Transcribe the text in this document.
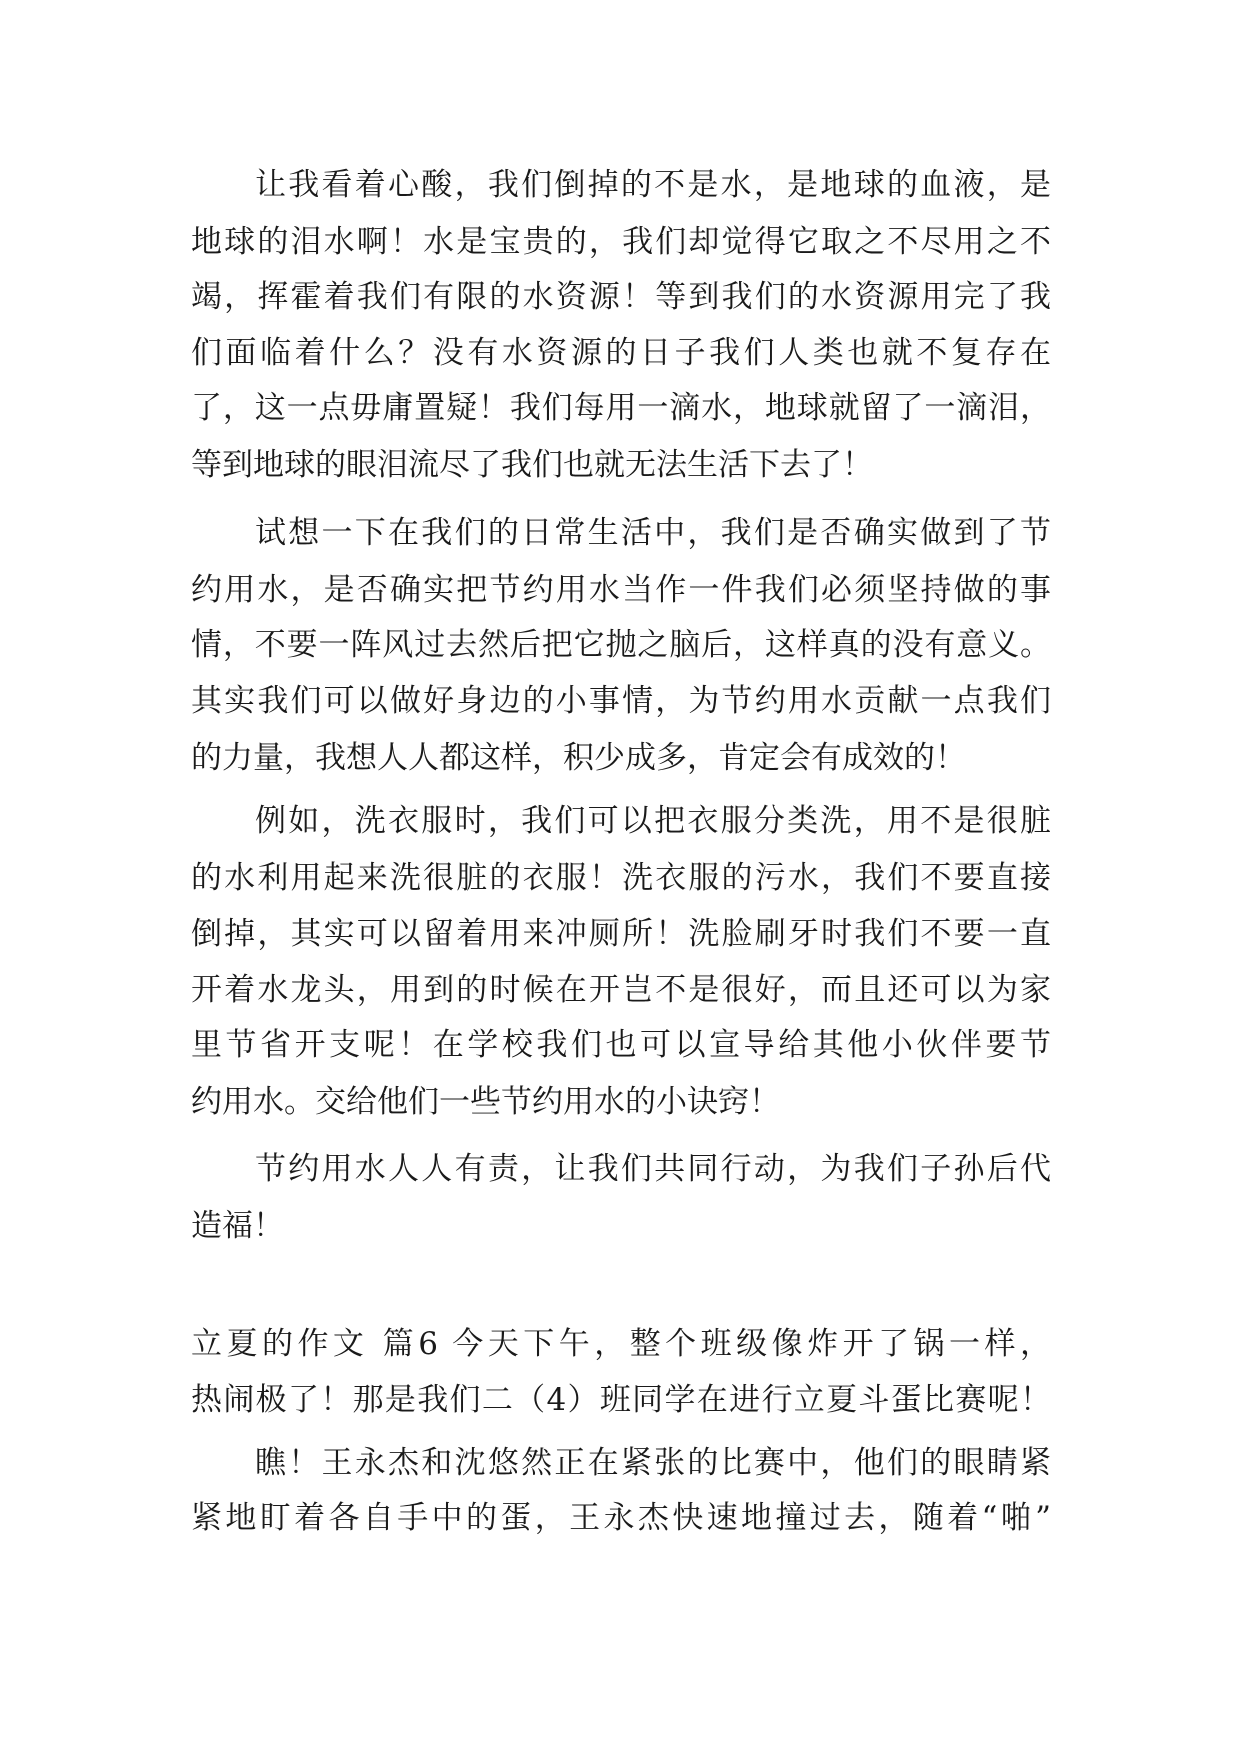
让我看着心酸，我们倒掉的不是水，是地球的血液，是
地球的泪水啊！水是宝贵的，我们却觉得它取之不尽用之不
竭，挥霍着我们有限的水资源！等到我们的水资源用完了我
们面临着什么？没有水资源的日子我们人类也就不复存在
了，这一点毋庸置疑！我们每用一滴水，地球就留了一滴泪，
等到地球的眼泪流尽了我们也就无法生活下去了！
试想一下在我们的日常生活中，我们是否确实做到了节
约用水，是否确实把节约用水当作一件我们必须坚持做的事
情，不要一阵风过去然后把它抛之脑后，这样真的没有意义。
其实我们可以做好身边的小事情，为节约用水贡献一点我们
的力量，我想人人都这样，积少成多，肯定会有成效的！
例如，洗衣服时，我们可以把衣服分类洗，用不是很脏
的水利用起来洗很脏的衣服！洗衣服的污水，我们不要直接
倒掉，其实可以留着用来冲厕所！洗脸刷牙时我们不要一直
开着水龙头，用到的时候在开岂不是很好，而且还可以为家
里节省开支呢！在学校我们也可以宣导给其他小伙伴要节
约用水。交给他们一些节约用水的小诀窍！
节约用水人人有责，让我们共同行动，为我们子孙后代
造福！
立夏的作文 篇6 今天下午，整个班级像炸开了锅一样，
热闹极了！那是我们二（4）班同学在进行立夏斗蛋比赛呢！
瞧！王永杰和沈悠然正在紧张的比赛中，他们的眼睛紧
紧地盯着各自手中的蛋，王永杰快速地撞过去，随着“啪”
